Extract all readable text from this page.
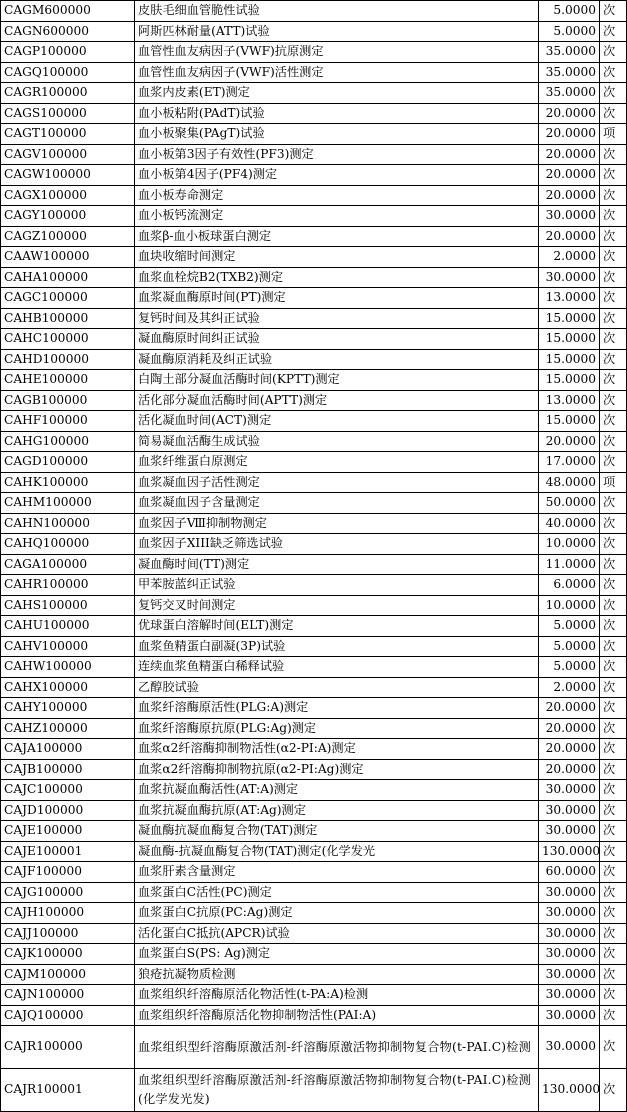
CAGM600000	皮肤毛细血管脆性试验	5.0000	次
CAGN600000	阿斯匹林耐量(ATT)试验	5.0000	次
CAGP100000	血管性血友病因子(VWF)抗原测定	35.0000	次
CAGQ100000	血管性血友病因子(VWF)活性测定	35.0000	次
CAGR100000	血浆内皮素(ET)测定	35.0000	次
CAGS100000	血小板粘附(PAdT)试验	20.0000	次
CAGT100000	血小板聚集(PAgT)试验	20.0000	项
CAGV100000	血小板第3因子有效性(PF3)测定	20.0000	次
CAGW100000	血小板第4因子(PF4)测定	20.0000	次
CAGX100000	血小板寿命测定	20.0000	次
CAGY100000	血小板钙流测定	30.0000	次
CAGZ100000	血浆β-血小板球蛋白测定	20.0000	次
CAAW100000	血块收缩时间测定	2.0000	次
CAHA100000	血浆血栓烷B2(TXB2)测定	30.0000	次
CAGC100000	血浆凝血酶原时间(PT)测定	13.0000	次
CAHB100000	复钙时间及其纠正试验	15.0000	次
CAHC100000	凝血酶原时间纠正试验	15.0000	次
CAHD100000	凝血酶原消耗及纠正试验	15.0000	次
CAHE100000	白陶土部分凝血活酶时间(KPTT)测定	15.0000	次
CAGB100000	活化部分凝血活酶时间(APTT)测定	13.0000	次
CAHF100000	活化凝血时间(ACT)测定	15.0000	次
CAHG100000	简易凝血活酶生成试验	20.0000	次
CAGD100000	血浆纤维蛋白原测定	17.0000	次
CAHK100000	血浆凝血因子活性测定	48.0000	项
CAHM100000	血浆凝血因子含量测定	50.0000	次
CAHN100000	血浆因子Ⅷ抑制物测定	40.0000	次
CAHQ100000	血浆因子XIII缺乏筛选试验	10.0000	次
CAGA100000	凝血酶时间(TT)测定	11.0000	次
CAHR100000	甲苯胺蓝纠正试验	6.0000	次
CAHS100000	复钙交叉时间测定	10.0000	次
CAHU100000	优球蛋白溶解时间(ELT)测定	5.0000	次
CAHV100000	血浆鱼精蛋白副凝(3P)试验	5.0000	次
CAHW100000	连续血浆鱼精蛋白稀释试验	5.0000	次
CAHX100000	乙醇胶试验	2.0000	次
CAHY100000	血浆纤溶酶原活性(PLG:A)测定	20.0000	次
CAHZ100000	血浆纤溶酶原抗原(PLG:Ag)测定	20.0000	次
CAJA100000	血浆α2纤溶酶抑制物活性(α2-PI:A)测定	20.0000	次
CAJB100000	血浆α2纤溶酶抑制物抗原(α2-PI:Ag)测定	20.0000	次
CAJC100000	血浆抗凝血酶活性(AT:A)测定	30.0000	次
CAJD100000	血浆抗凝血酶抗原(AT:Ag)测定	30.0000	次
CAJE100000	凝血酶抗凝血酶复合物(TAT)测定	30.0000	次
CAJE100001	凝血酶-抗凝血酶复合物(TAT)测定(化学发光	130.0000	次
CAJF100000	血浆肝素含量测定	60.0000	次
CAJG100000	血浆蛋白C活性(PC)测定	30.0000	次
CAJH100000	血浆蛋白C抗原(PC:Ag)测定	30.0000	次
CAJJ100000	活化蛋白C抵抗(APCR)试验	30.0000	次
CAJK100000	血浆蛋白S(PS: Ag)测定	30.0000	次
CAJM100000	狼疮抗凝物质检测	30.0000	次
CAJN100000	血浆组织纤溶酶原活化物活性(t-PA:A)检测	30.0000	次
CAJQ100000	血浆组织纤溶酶原活化物抑制物活性(PAI:A)	30.0000	次
CAJR100000	血浆组织型纤溶酶原激活剂-纤溶酶原激活物抑制物复合物(t-PAI.C)检测	30.0000	次
CAJR100001	血浆组织型纤溶酶原激活剂-纤溶酶原激活物抑制物复合物(t-PAI.C)检测(化学发光发)	130.0000	次
